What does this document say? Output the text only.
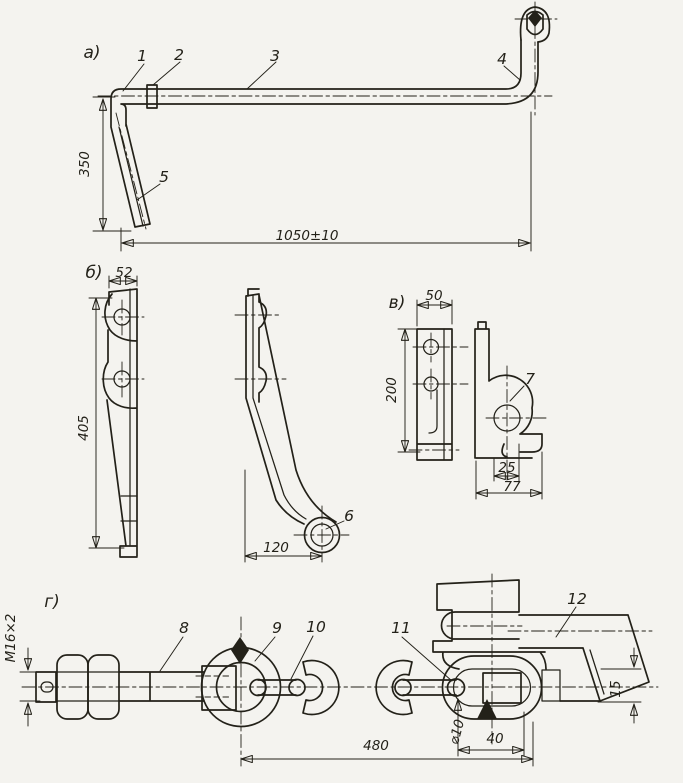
а) 1 2	3	4
5
350
1050±10
б) 52
405
120
6
в) 50
200
25
77
7
г)
M16×2	8	9 10	11
12
480	40
⌀10
15
